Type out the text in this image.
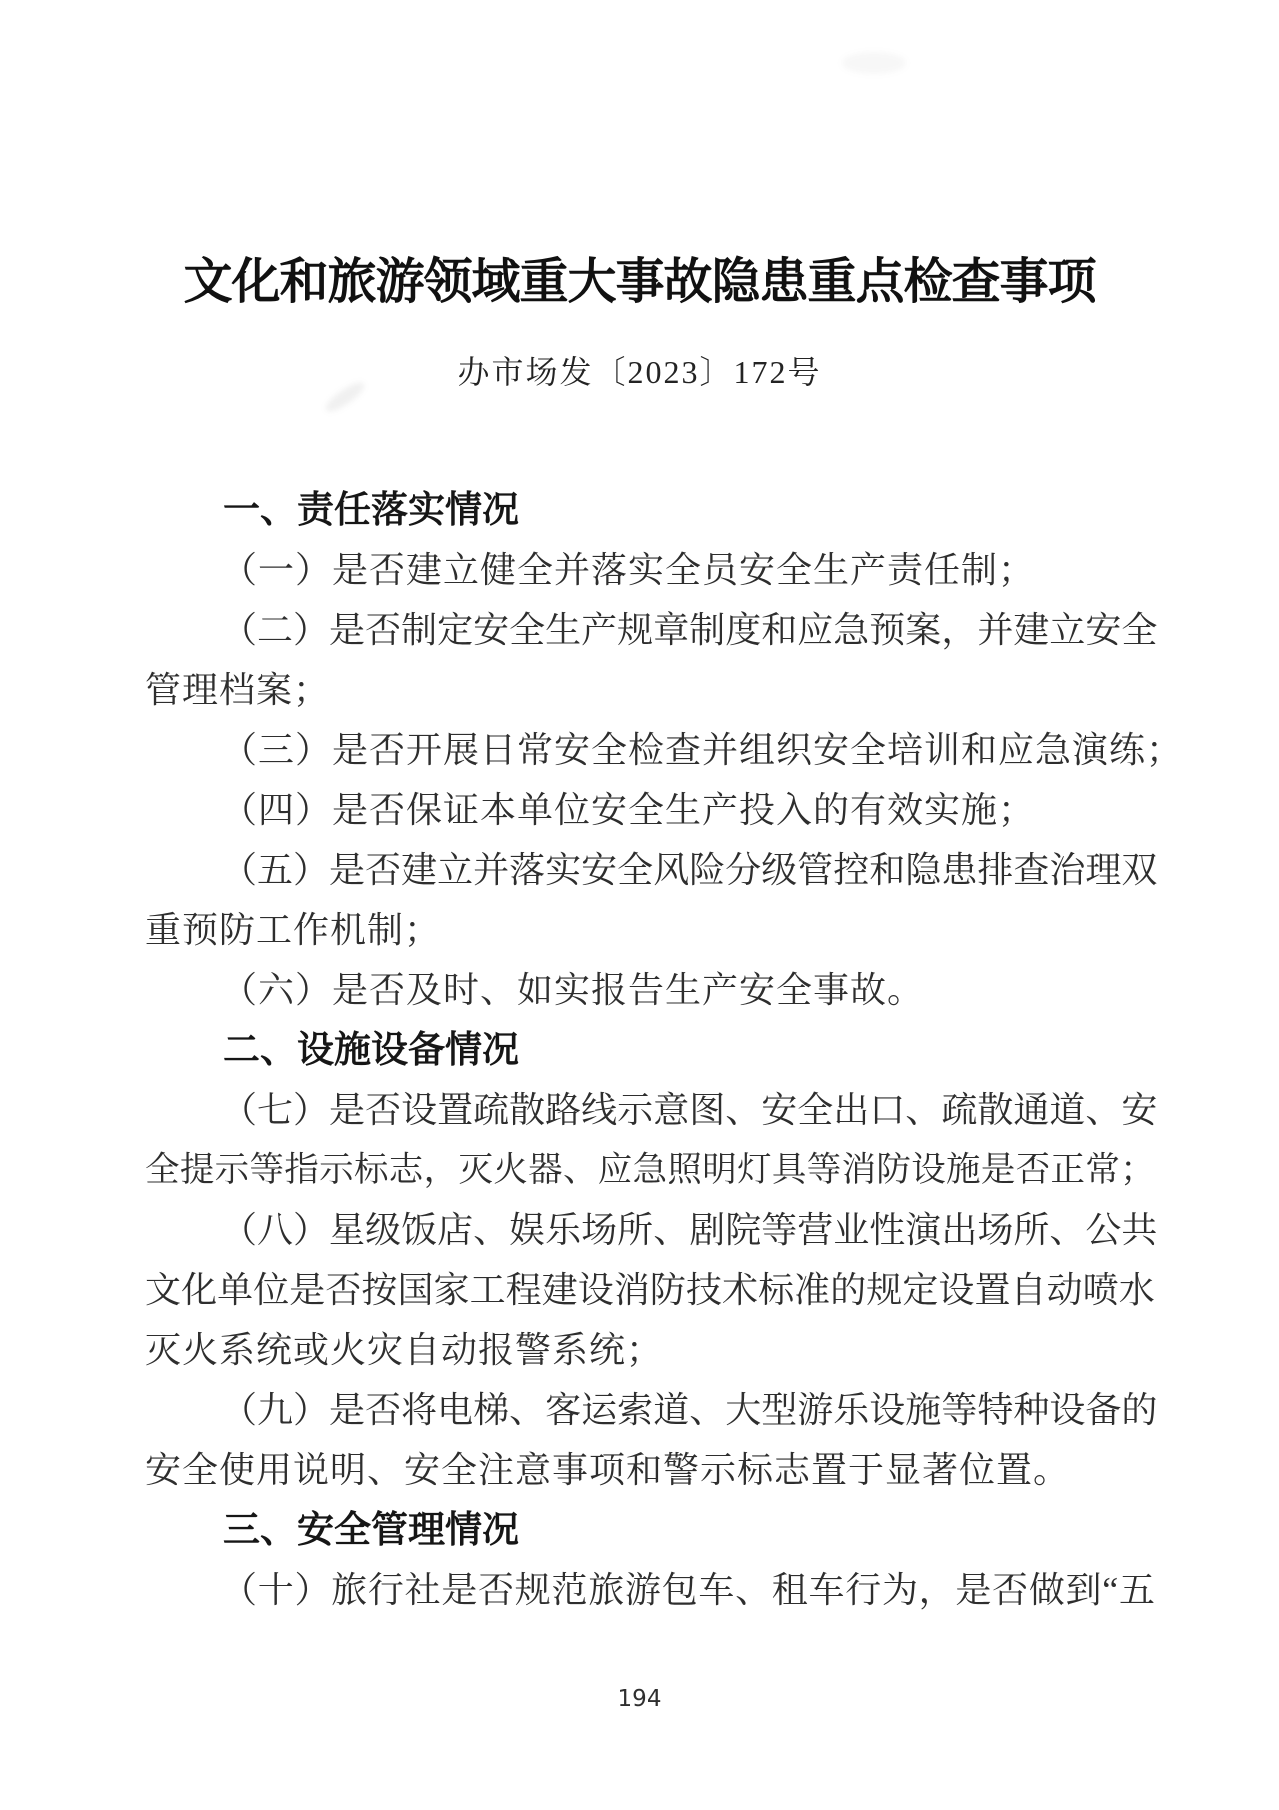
文化和旅游领域重大事故隐患重点检查事项
办市场发〔2023〕172号
一、责任落实情况
（一）是否建立健全并落实全员安全生产责任制；
（ 二 ） 是 否 制 定 安 全 生 产 规 章 制 度 和 应 急 预 案 ， 并 建 立 安 全
管理档案；
（三）是否开展日常安全检查并组织安全培训和应急演练；
（四）是否保证本单位安全生产投入的有效实施；
（ 五 ） 是 否 建 立 并 落 实 安 全 风 险 分 级 管 控 和 隐 患 排 查 治 理 双
重预防工作机制；
（六）是否及时、如实报告生产安全事故。
二、设施设备情况
（ 七 ） 是 否 设 置 疏 散 路 线 示 意 图 、 安 全 出 口 、 疏 散 通 道 、 安
全 提 示 等 指 示 标 志 ， 灭 火 器 、 应 急 照 明 灯 具 等 消 防 设 施 是 否 正 常 ；
（ 八 ） 星 级 饭 店 、 娱 乐 场 所 、 剧 院 等 营 业 性 演 出 场 所 、 公 共
文 化 单 位 是 否 按 国 家 工 程 建 设 消 防 技 术 标 准 的 规 定 设 置 自 动 喷 水
灭火系统或火灾自动报警系统；
（ 九 ） 是 否 将 电 梯 、 客 运 索 道 、 大 型 游 乐 设 施 等 特 种 设 备 的
安全使用说明、安全注意事项和警示标志置于显著位置。
三、安全管理情况
（ 十 ） 旅 行 社 是 否 规 范 旅 游 包 车 、 租 车 行 为 ， 是 否 做 到 “ 五
194
